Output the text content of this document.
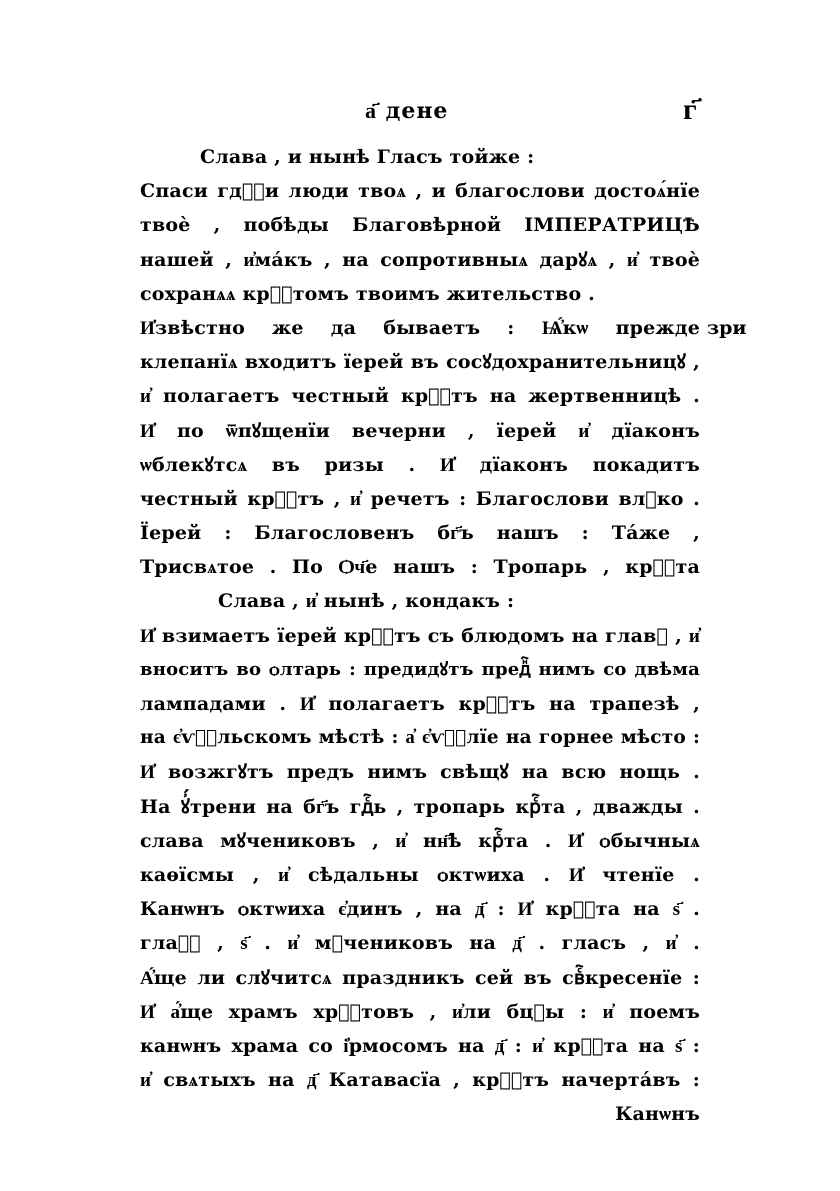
а҃ дене	г҃
зри
Слава , и нынѣ Гласъ тойже :
Спаси гдⷭ҇и люди твоѧ , и благослови достоѧ́нїе
твоѐ , побѣды Благовѣрной ІМПЕРАТРИЦѢ
нашей , и҆ма́къ , на сопротивныѧ дарꙋѧ , и҆ твоѐ
сохранѧѧ крⷭ҇томъ твоимъ жительство .
И҆звѣстно же да бываетъ : Ѩ҆́кѡ прежде
клепанїѧ входитъ їерей въ сосꙋдохранительницꙋ ,
и҆ полагаетъ честный крⷭ҇тъ на жертвенницѣ .
И҆ по ѿпꙋщенїи вечерни , їерей и҆ дїаконъ
ѡблекꙋтсѧ въ ризы . И҆ дїаконъ покадитъ
честный крⷭ҇тъ , и҆ речетъ : Благослови влⷣко .
Їерей : Благословенъ бг҃ъ нашъ : Та́же ,
Трисвѧтое . По Ѻч҃е нашъ : Тропарь , крⷭ҇та
Слава , и҆ нынѣ , кондакъ :
И҆ взимаетъ їерей крⷭ҇тъ съ блюдомъ на главꙋ , и҆
вноситъ во ѻлтарь : предидꙋтъ предⷩ҇ нимъ со двѣма
лампадами . И҆ полагаетъ крⷭ҇тъ на трапезѣ ,
на є҆ѵⷢ҇льскомъ мѣстѣ : а҆ є҆ѵⷢ҇лїе на горнее мѣсто :
И҆ возжгꙋтъ предъ нимъ свѣщꙋ на всю нощь .
На ꙋ҆́трени на бг҃ъ гдⷭ҇ь , тропарь крⷭ҇та , дважды .
слава мꙋчениковъ , и҆ нн҃ѣ крⷭ҇та . И҆ ѻбычныѧ
каѳїсмы , и҆ сѣдальны ѻктѡиха . И҆ чтенїе .
Канѡнъ ѻктѡиха є҆динъ , на д҃ : И҆ крⷭ҇та на ѕ҃ .
глаⷭ҇ , ѕ҃ . и҆ мꙋчениковъ на д҃ . гласъ , и҆ .
А҆́ще ли слꙋчитсѧ праздникъ сей въ свⷭ҇кресенїе :
И҆ а҆́ще храмъ хрⷭ҇товъ , и҆ли бцⷣы : и҆ поемъ
канѡнъ храма со і҆рмосомъ на д҃ : и҆ крⷭ҇та на ѕ҃ :
и҆ свѧтыхъ на д҃ Катавасїа , крⷭ҇тъ начерта́въ :
Канѡнъ
